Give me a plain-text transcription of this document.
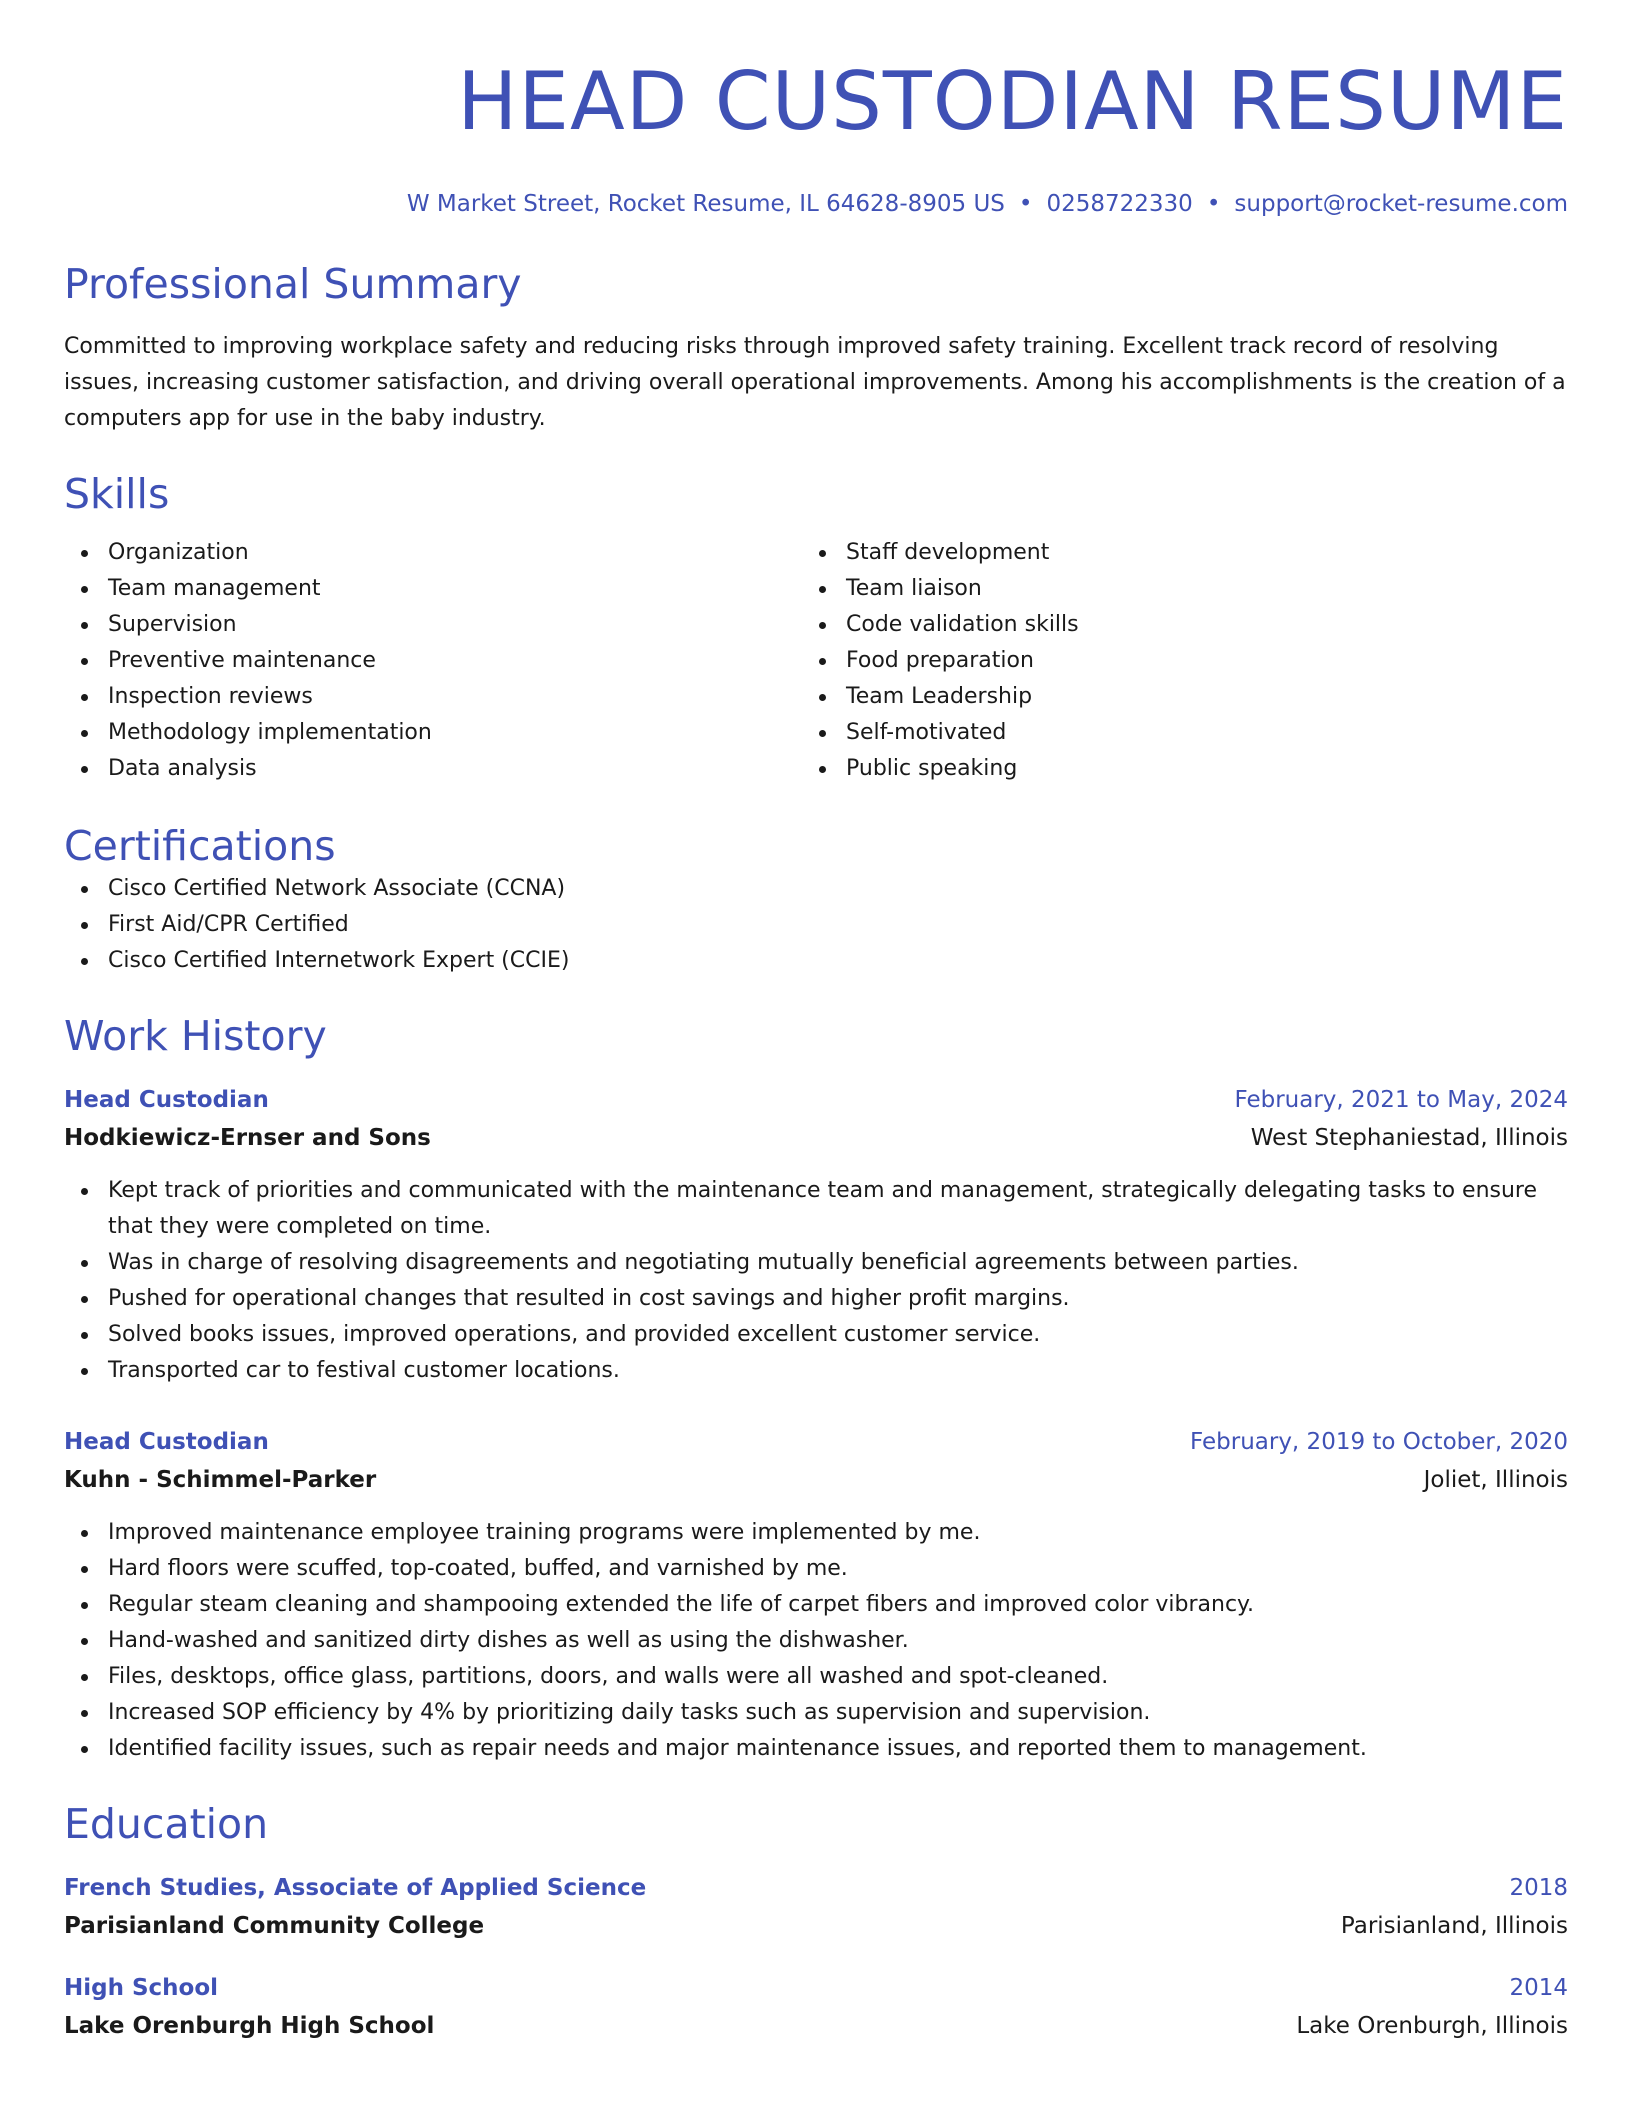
HEAD CUSTODIAN RESUME
W Market Street, Rocket Resume, IL 64628-8905 US • 0258722330 • support@rocket-resume.com
Professional Summary
Committed to improving workplace safety and reducing risks through improved safety training. Excellent track record of resolving issues, increasing customer satisfaction, and driving overall operational improvements. Among his accomplishments is the creation of a computers app for use in the baby industry.
Skills
Organization
Team management
Supervision
Preventive maintenance
Inspection reviews
Methodology implementation
Data analysis
Staff development
Team liaison
Code validation skills
Food preparation
Team Leadership
Self-motivated
Public speaking
Certifications
Cisco Certified Network Associate (CCNA)
First Aid/CPR Certified
Cisco Certified Internetwork Expert (CCIE)
Work History
Head Custodian	February, 2021 to May, 2024
Hodkiewicz-Ernser and Sons	West Stephaniestad, Illinois
Kept track of priorities and communicated with the maintenance team and management, strategically delegating tasks to ensure that they were completed on time.
Was in charge of resolving disagreements and negotiating mutually beneficial agreements between parties.
Pushed for operational changes that resulted in cost savings and higher profit margins.
Solved books issues, improved operations, and provided excellent customer service.
Transported car to festival customer locations.
Head Custodian	February, 2019 to October, 2020
Kuhn - Schimmel-Parker	Joliet, Illinois
Improved maintenance employee training programs were implemented by me.
Hard floors were scuffed, top-coated, buffed, and varnished by me.
Regular steam cleaning and shampooing extended the life of carpet fibers and improved color vibrancy.
Hand-washed and sanitized dirty dishes as well as using the dishwasher.
Files, desktops, office glass, partitions, doors, and walls were all washed and spot-cleaned.
Increased SOP efficiency by 4% by prioritizing daily tasks such as supervision and supervision.
Identified facility issues, such as repair needs and major maintenance issues, and reported them to management.
Education
French Studies, Associate of Applied Science	2018
Parisianland Community College	Parisianland, Illinois
High School	2014
Lake Orenburgh High School	Lake Orenburgh, Illinois
